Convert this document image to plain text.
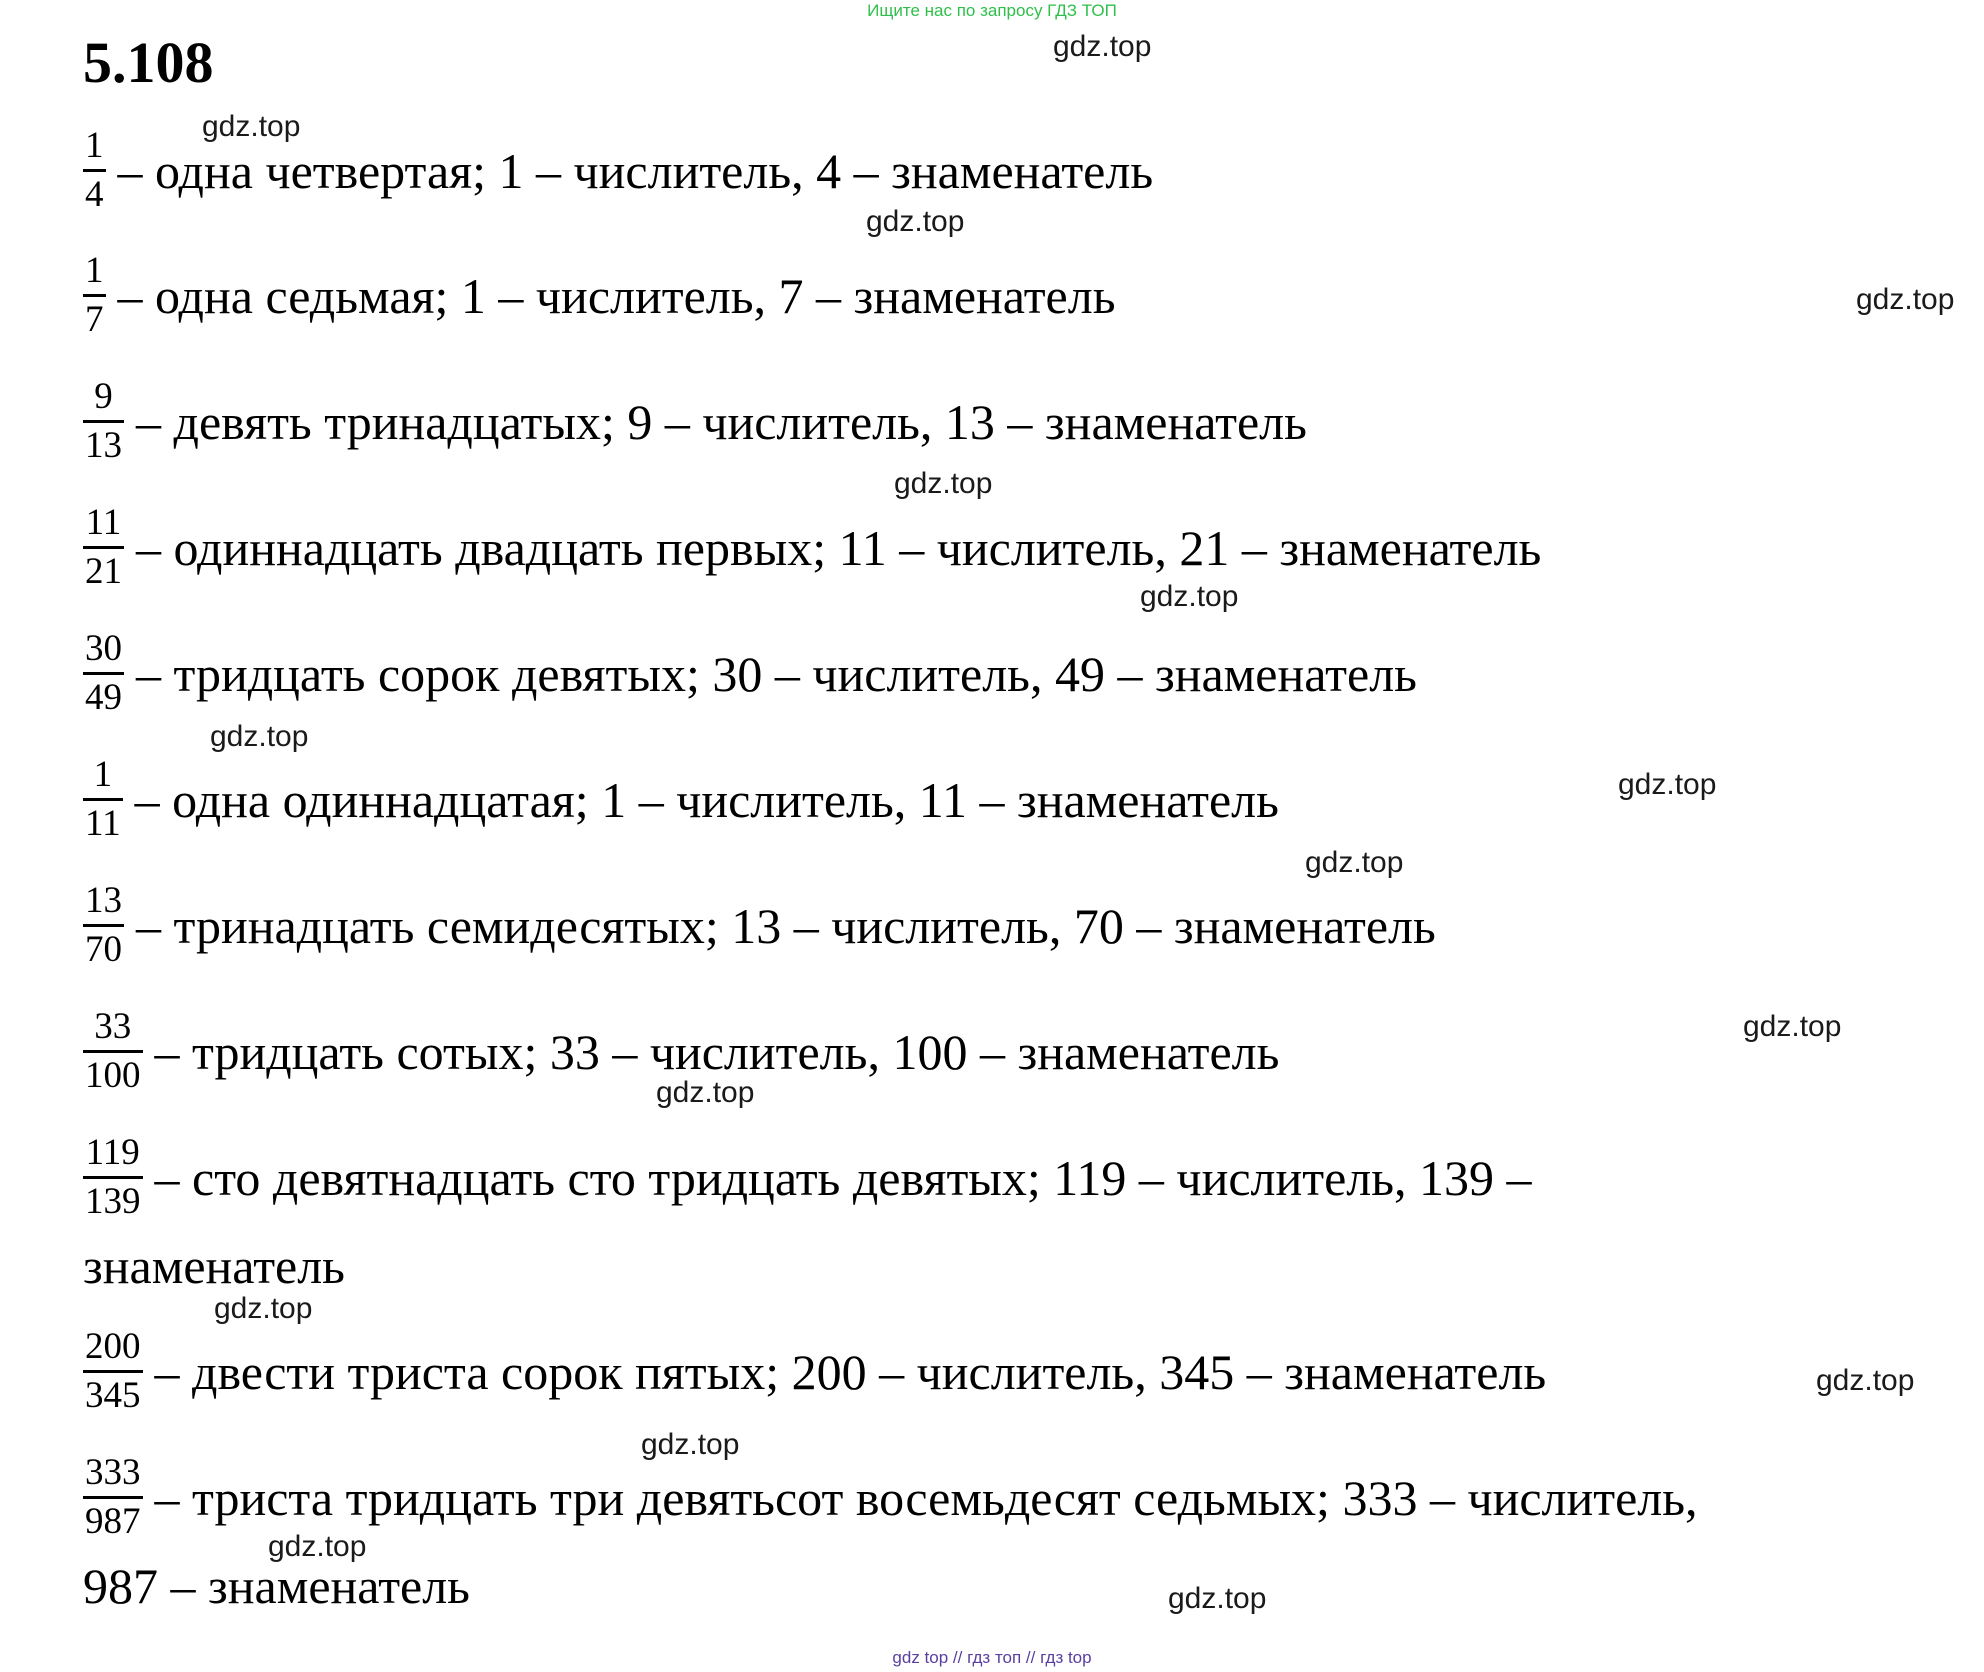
Ищите нас по запросу ГДЗ ТОП
5.108
$\frac{1}{4}$ – одна четвертая; 1 – числитель, 4 – знаменатель
$\frac{1}{7}$ – одна седьмая; 1 – числитель, 7 – знаменатель
$\frac{9}{13}$ – девять тринадцатых; 9 – числитель, 13 – знаменатель
$\frac{11}{21}$ – одиннадцать двадцать первых; 11 – числитель, 21 – знаменатель
$\frac{30}{49}$ – тридцать сорок девятых; 30 – числитель, 49 – знаменатель
$\frac{1}{11}$ – одна одиннадцатая; 1 – числитель, 11 – знаменатель
$\frac{13}{70}$ – тринадцать семидесятых; 13 – числитель, 70 – знаменатель
$\frac{33}{100}$ – тридцать сотых; 33 – числитель, 100 – знаменатель
$\frac{119}{139}$ – сто девятнадцать сто тридцать девятых; 119 – числитель, 139 –
знаменатель
$\frac{200}{345}$ – двести триста сорок пятых; 200 – числитель, 345 – знаменатель
$\frac{333}{987}$ – триста тридцать три девятьсот восемьдесят седьмых; 333 – числитель,
987 – знаменатель
gdz.top
gdz.top
gdz.top
gdz.top
gdz.top
gdz.top
gdz.top
gdz.top
gdz.top
gdz.top
gdz.top
gdz.top
gdz.top
gdz.top
gdz.top
gdz.top
gdz top // гдз топ // гдз top
